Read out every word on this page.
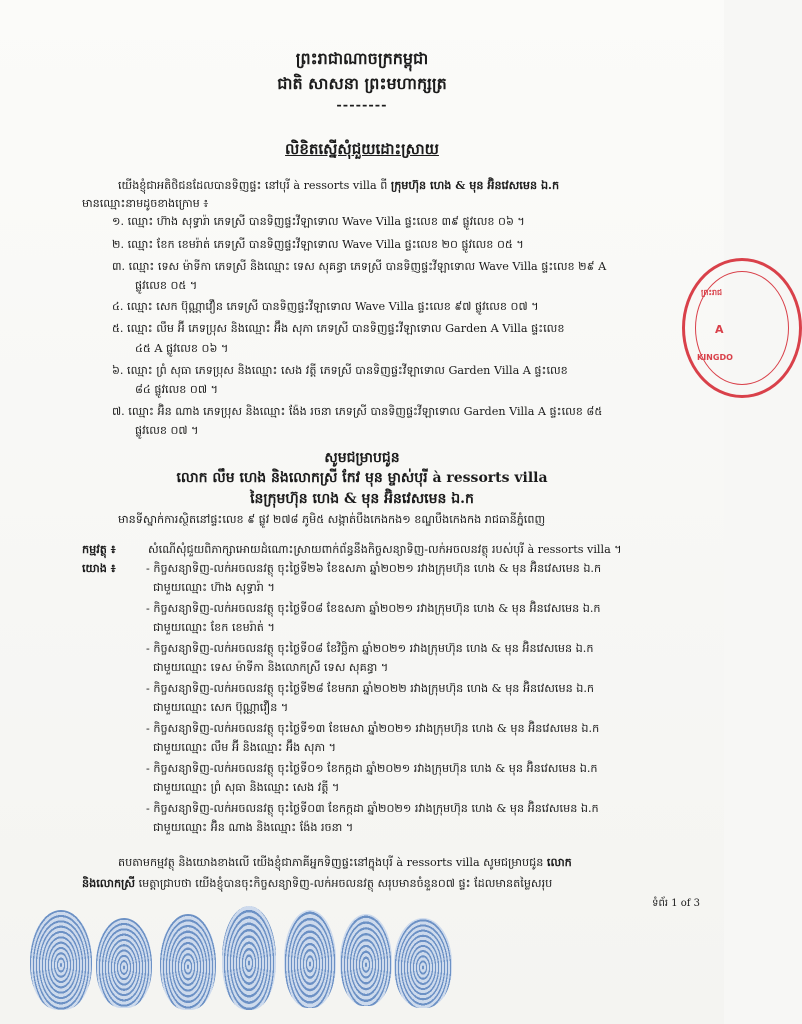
ព្រះរាជាណាចក្រកម្ពុជា
ជាតិ សាសនា ព្រះមហាក្សត្រ
--------
លិខិតស្នើសុំជួយដោះស្រាយ
យើងខ្ញុំជាអតិថិជនដែលបានទិញផ្ទះ នៅបុរី à ressorts villa ពី ក្រុមហ៊ុន ហេង & មុន អ៊ិនវេសមេន ឯ.ក
មានឈ្មោះនាមដូចខាងក្រោម ៖
១. ឈ្មោះ ហ៊ាង សុទ្ធារ៉ា ភេទស្រី បានទិញផ្ទះវីឡាទោល Wave Villa ផ្ទះលេខ ៣៩ ផ្លូវលេខ ០៦ ។
២. ឈ្មោះ ខែក ខេមរ៉ាត់ ភេទស្រី បានទិញផ្ទះវីឡាទោល Wave Villa ផ្ទះលេខ ២០ ផ្លូវលេខ ០៥ ។
៣. ឈ្មោះ ទេស ម៉ាទីកា ភេទស្រី និងឈ្មោះ ទេស សុគន្ធា ភេទស្រី បានទិញផ្ទះវីឡាទោល Wave Villa ផ្ទះលេខ ២៩ A
ផ្លូវលេខ ០៥ ។
៤. ឈ្មោះ សេក ប៊ុណ្ណាវឿន ភេទស្រី បានទិញផ្ទះវីឡាទោល Wave Villa ផ្ទះលេខ ៩៧ ផ្លូវលេខ ០៧ ។
៥. ឈ្មោះ លឹម អ៊ី ភេទប្រុស និងឈ្មោះ អ៊ឹង សុភា ភេទស្រី បានទិញផ្ទះវីឡាទោល Garden A Villa ផ្ទះលេខ
៤៥ A ផ្លូវលេខ ០៦ ។
៦. ឈ្មោះ ព្រំ សុធា ភេទប្រុស និងឈ្មោះ សេង វត្តី ភេទស្រី បានទិញផ្ទះវីឡាទោល Garden Villa A ផ្ទះលេខ
៨៤ ផ្លូវលេខ ០៧ ។
៧. ឈ្មោះ អ៊ិន ណាង ភេទប្រុស និងឈ្មោះ ង៉ែង រចនា ភេទស្រី បានទិញផ្ទះវីឡាទោល Garden Villa A ផ្ទះលេខ ៨៥
ផ្លូវលេខ ០៧ ។
សូមជម្រាបជូន
លោក លឹម ហេង និងលោកស្រី កែវ មុន ម្ចាស់បុរី à ressorts villa
នៃក្រុមហ៊ុន ហេង & មុន អ៊ិនវេសមេន ឯ.ក
មានទីស្នាក់ការស្ថិតនៅផ្ទះលេខ ៩ ផ្លូវ ២៧៨ ភូមិ៥ សង្កាត់បឹងកេងកង១ ខណ្ឌបឹងកេងកង រាជធានីភ្នំពេញ
កម្មវត្ថុ ៖	សំណើសុំជួយពិភាក្សាអោយដំណោះស្រាយពាក់ព័ន្ធនឹងកិច្ចសន្យាទិញ-លក់អចលនវត្ថុ របស់បុរី à ressorts villa ។
យោង ៖	- កិច្ចសន្យាទិញ-លក់អចលនវត្ថុ ចុះថ្ងៃទី២៦ ខែឧសភា ឆ្នាំ២០២១ រវាងក្រុមហ៊ុន ហេង & មុន អ៊ិនវេសមេន ឯ.ក
ជាមួយឈ្មោះ ហ៊ាង សុទ្ធារ៉ា ។
- កិច្ចសន្យាទិញ-លក់អចលនវត្ថុ ចុះថ្ងៃទី០៨ ខែឧសភា ឆ្នាំ២០២១ រវាងក្រុមហ៊ុន ហេង & មុន អ៊ិនវេសមេន ឯ.ក
ជាមួយឈ្មោះ ខែក ខេមរ៉ាត់ ។
- កិច្ចសន្យាទិញ-លក់អចលនវត្ថុ ចុះថ្ងៃទី០៨ ខែវិច្ឆិកា ឆ្នាំ២០២១ រវាងក្រុមហ៊ុន ហេង & មុន អ៊ិនវេសមេន ឯ.ក
ជាមួយឈ្មោះ ទេស ម៉ាទីកា និងលោកស្រី ទេស សុគន្ធា ។
- កិច្ចសន្យាទិញ-លក់អចលនវត្ថុ ចុះថ្ងៃទី២៨ ខែមករា ឆ្នាំ២០២២ រវាងក្រុមហ៊ុន ហេង & មុន អ៊ិនវេសមេន ឯ.ក
ជាមួយឈ្មោះ សេក ប៊ុណ្ណាវឿន ។
- កិច្ចសន្យាទិញ-លក់អចលនវត្ថុ ចុះថ្ងៃទី១៣ ខែមេសា ឆ្នាំ២០២១ រវាងក្រុមហ៊ុន ហេង & មុន អ៊ិនវេសមេន ឯ.ក
ជាមួយឈ្មោះ លឹម អ៊ី និងឈ្មោះ អ៊ឹង សុភា ។
- កិច្ចសន្យាទិញ-លក់អចលនវត្ថុ ចុះថ្ងៃទី០១ ខែកក្កដា ឆ្នាំ២០២១ រវាងក្រុមហ៊ុន ហេង & មុន អ៊ិនវេសមេន ឯ.ក
ជាមួយឈ្មោះ ព្រំ សុធា និងឈ្មោះ សេង វត្តី ។
- កិច្ចសន្យាទិញ-លក់អចលនវត្ថុ ចុះថ្ងៃទី០៣ ខែកក្កដា ឆ្នាំ២០២១ រវាងក្រុមហ៊ុន ហេង & មុន អ៊ិនវេសមេន ឯ.ក
ជាមួយឈ្មោះ អ៊ិន ណាង និងឈ្មោះ ង៉ែង រចនា ។
តបតាមកម្មវត្ថុ និងយោងខាងលើ យើងខ្ញុំជាភាគីអ្នកទិញផ្ទះនៅក្នុងបុរី à ressorts villa សូមជម្រាបជូន លោក
និងលោកស្រី មេត្តាជ្រាបថា យើងខ្ញុំបានចុះកិច្ចសន្យាទិញ-លក់អចលនវត្ថុ សរុបមានចំនួន០៧ ផ្ទះ ដែលមានតម្លៃសរុប
ទំព័រ 1 of 3
ព្រះរាជ
A
KINGDO
